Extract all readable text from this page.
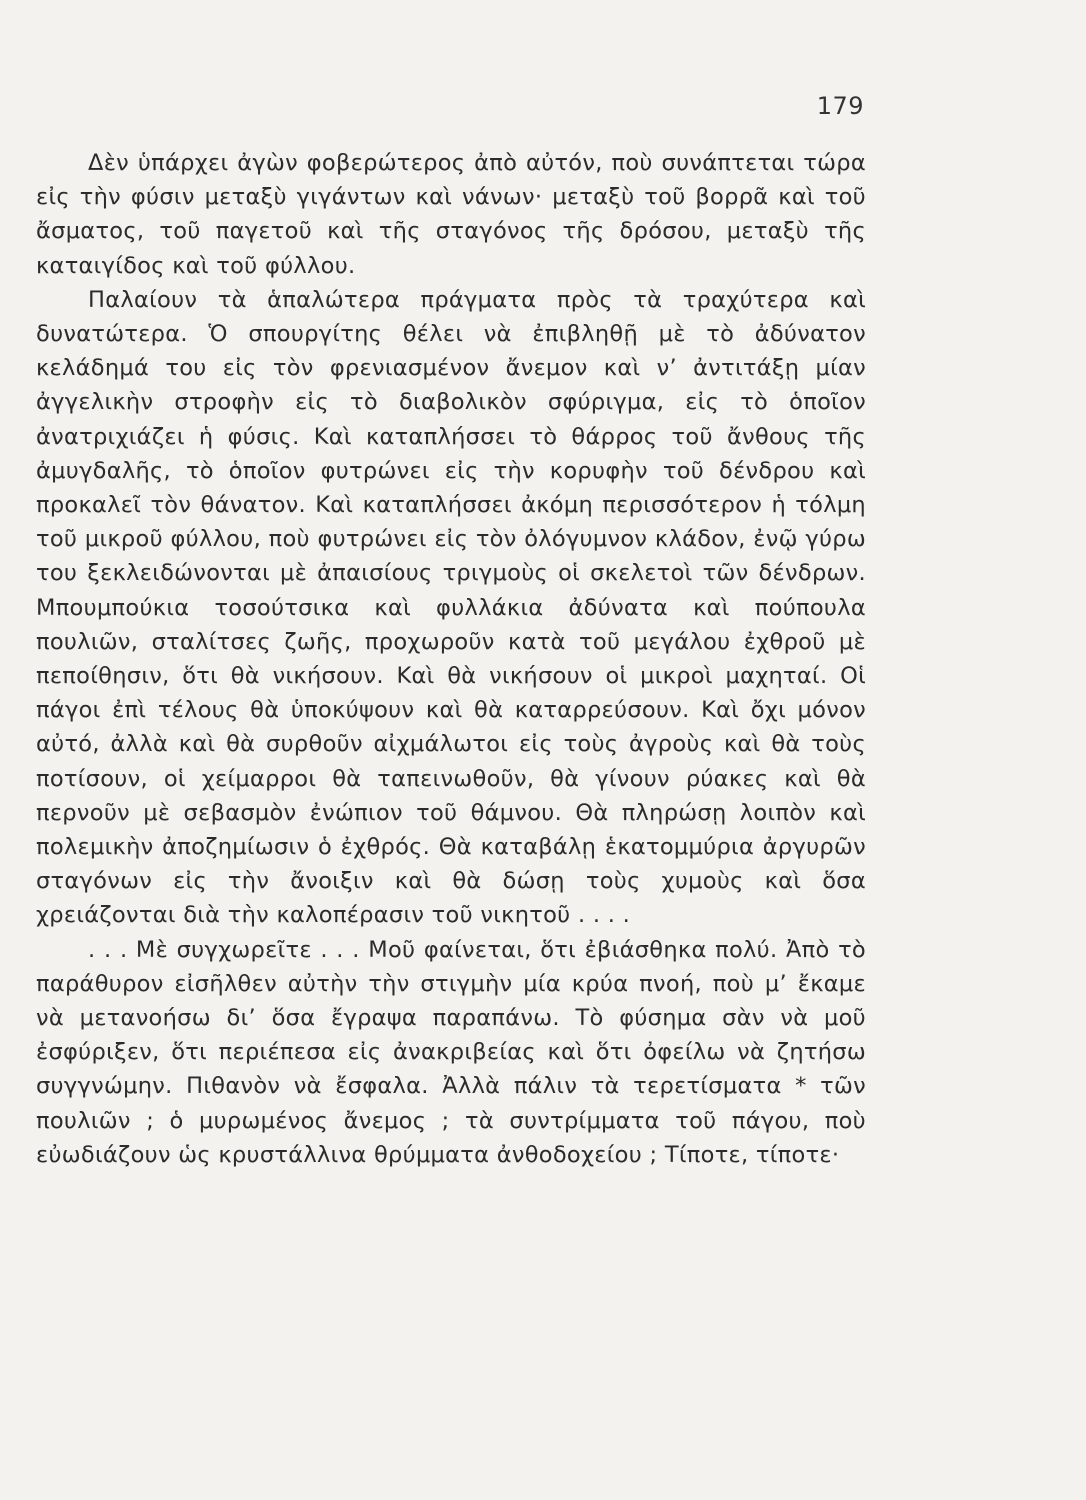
179

Δὲν ὑπάρχει ἀγὼν φοβερώτερος ἀπὸ αὐτόν, ποὺ συνάπτεται τώρα εἰς τὴν φύσιν μεταξὺ γιγάντων καὶ νάνων· μεταξὺ τοῦ βορρᾶ καὶ τοῦ ἄσματος, τοῦ παγετοῦ καὶ τῆς σταγόνος τῆς δρόσου, μεταξὺ τῆς καταιγίδος καὶ τοῦ φύλλου.

Παλαίουν τὰ ἁπαλώτερα πράγματα πρὸς τὰ τραχύτερα καὶ δυνατώτερα. Ὁ σπουργίτης θέλει νὰ ἐπιβληθῇ μὲ τὸ ἀδύνατον κελάδημά του εἰς τὸν φρενιασμένον ἄνεμον καὶ ν’ ἀντιτάξῃ μίαν ἀγγελικὴν στροφὴν εἰς τὸ διαβολικὸν σφύριγμα, εἰς τὸ ὁποῖον ἀνατριχιάζει ἡ φύσις. Καὶ καταπλήσσει τὸ θάρρος τοῦ ἄνθους τῆς ἀμυγδαλῆς, τὸ ὁποῖον φυτρώνει εἰς τὴν κορυφὴν τοῦ δένδρου καὶ προκαλεῖ τὸν θάνατον. Καὶ καταπλήσσει ἀκόμη περισσότερον ἡ τόλμη τοῦ μικροῦ φύλλου, ποὺ φυτρώνει εἰς τὸν ὀλόγυμνον κλάδον, ἐνῷ γύρω του ξεκλειδώνονται μὲ ἀπαισίους τριγμοὺς οἱ σκελετοὶ τῶν δένδρων. Μπουμπούκια τοσούτσικα καὶ φυλλάκια ἀδύνατα καὶ πούπουλα πουλιῶν, σταλίτσες ζωῆς, προχωροῦν κατὰ τοῦ μεγάλου ἐχθροῦ μὲ πεποίθησιν, ὅτι θὰ νικήσουν. Καὶ θὰ νικήσουν οἱ μικροὶ μαχηταί. Οἱ πάγοι ἐπὶ τέλους θὰ ὑποκύψουν καὶ θὰ καταρρεύσουν. Καὶ ὄχι μόνον αὐτό, ἀλλὰ καὶ θὰ συρθοῦν αἰχμάλωτοι εἰς τοὺς ἀγροὺς καὶ θὰ τοὺς ποτίσουν, οἱ χείμαρροι θὰ ταπεινωθοῦν, θὰ γίνουν ρύακες καὶ θὰ περνοῦν μὲ σεβασμὸν ἐνώπιον τοῦ θάμνου. Θὰ πληρώσῃ λοιπὸν καὶ πολεμικὴν ἀποζημίωσιν ὁ ἐχθρός. Θὰ καταβάλῃ ἑκατομμύρια ἀργυρῶν σταγόνων εἰς τὴν ἄνοιξιν καὶ θὰ δώσῃ τοὺς χυμοὺς καὶ ὅσα χρειάζονται διὰ τὴν καλοπέρασιν τοῦ νικητοῦ . . . .

. . . Μὲ συγχωρεῖτε . . . Μοῦ φαίνεται, ὅτι ἐβιάσθηκα πολύ. Ἀπὸ τὸ παράθυρον εἰσῆλθεν αὐτὴν τὴν στιγμὴν μία κρύα πνοή, ποὺ μ’ ἔκαμε νὰ μετανοήσω δι’ ὅσα ἔγραψα παραπάνω. Τὸ φύσημα σὰν νὰ μοῦ ἐσφύριξεν, ὅτι περιέπεσα εἰς ἀνακριβείας καὶ ὅτι ὀφείλω νὰ ζητήσω συγγνώμην. Πιθανὸν νὰ ἔσφαλα. Ἀλλὰ πάλιν τὰ τερετίσματα * τῶν πουλιῶν ; ὁ μυρωμένος ἄνεμος ; τὰ συντρίμματα τοῦ πάγου, ποὺ εὐωδιάζουν ὡς κρυστάλλινα θρύμματα ἀνθοδοχείου ; Τίποτε, τίποτε·
